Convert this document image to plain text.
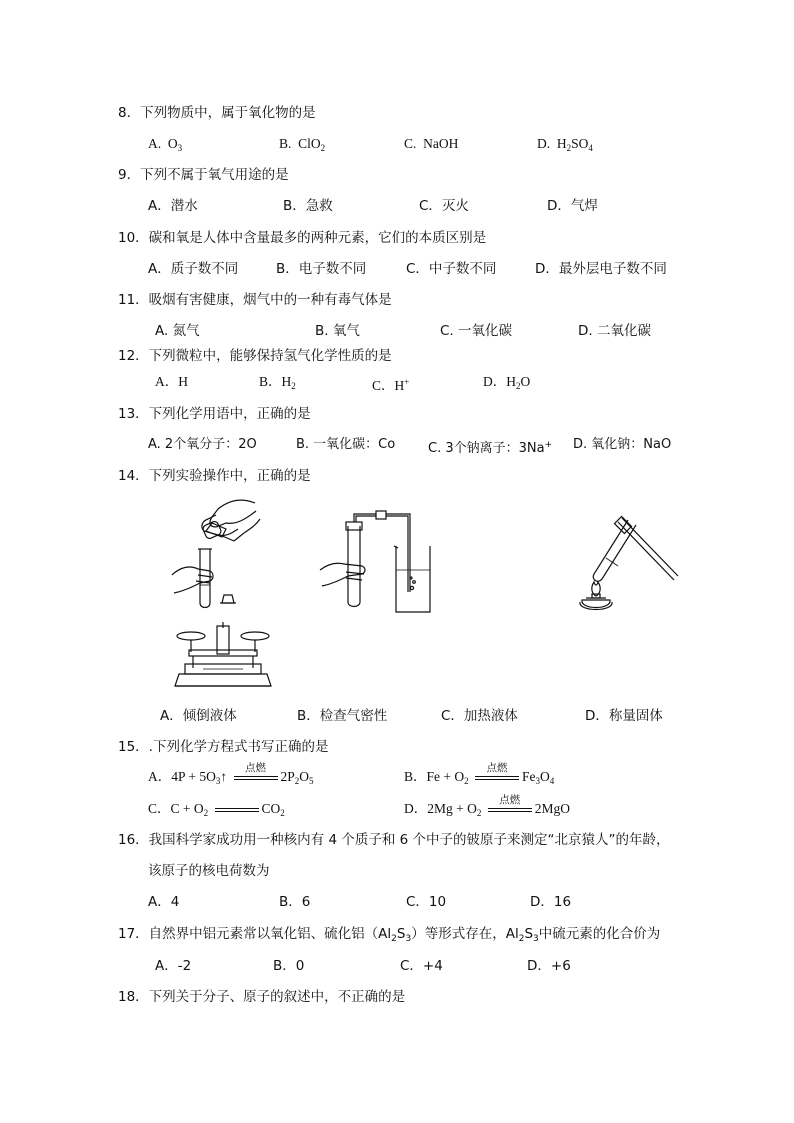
8．下列物质中，属于氧化物的是
A. $O_3$	B. ClO$_2$	C. NaOH	D. $H_2SO_4$
9．下列不属于氧气用途的是
A．潜水	B．急救	C．灭火	D．气焊
10．碳和氧是人体中含量最多的两种元素，它们的本质区别是
A．质子数不同	B．电子数不同	C．中子数不同	D．最外层电子数不同
11．吸烟有害健康，烟气中的一种有毒气体是
A. 氮气	B. 氧气	C. 一氧化碳	D. 二氧化碳
12．下列微粒中，能够保持氢气化学性质的是
A．H	B．$H_2$	C．H+	D．$H_2O$
13．下列化学用语中，正确的是
A. 2个氧分子：2O	B. 一氧化碳：Co	C. 3个钠离子：3Na+ D. 氧化钠：NaO
14．下列实验操作中，正确的是
A．倾倒液体	B．检查气密性	C．加热液体	D．称量固体
15．.下列化学方程式书写正确的是
A．$4P + 5O_3↑$
点燃
$2P_2O_5$	B．$Fe + O_2$
点燃
$Fe_3O_4$
C．$C + O_2$	$CO_2$	D．$2Mg + O_2$
点燃
2MgO
16．我国科学家成功用一种核内有 4 个质子和 6 个中子的铍原子来测定“北京猿人”的年龄，
该原子的核电荷数为
A．4	B．6	C．10	D．16
17．自然界中铝元素常以氧化铝、硫化铝$(Al_2S_3)$等形式存在，$Al_2S_3$中硫元素的化合价为
A．-2	B．0	C．+4	D．+6
18．下列关于分子、原子的叙述中，不正确的是
